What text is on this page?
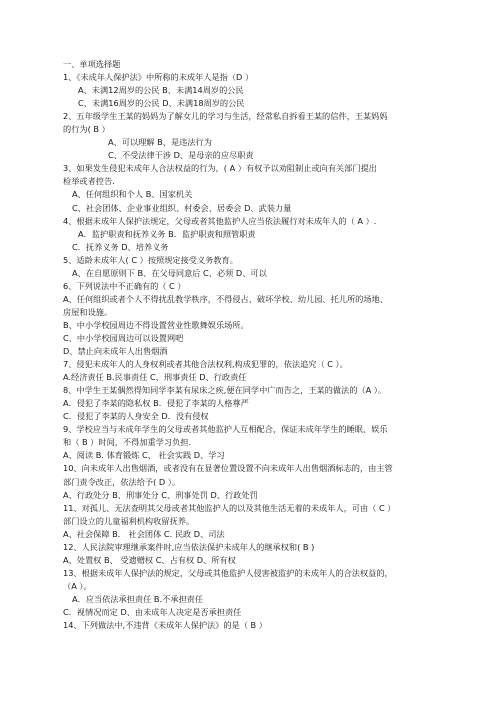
一、单项选择题
1、《未成年人保护法》中所称的未成年人是指（D ）
A、未满12周岁的公民 B、未满14周岁的公民
C、未满16周岁的公民 D、未满18周岁的公民
2、五年级学生王某的妈妈为了解女儿的学习与生活，经常私自拆看王某的信件，王某妈妈
的行为( B ）
A、可以理解 B、是违法行为
C、不受法律干涉 D、是母亲的应尽职责
3、如果发生侵犯未成年人合法权益的行为，( A ）有权予以劝阻制止或向有关部门提出
检举或者控告.
A、任何组织和个人 B、国家机关
C、社会团体、企业事业组织、村委会、居委会 D、武装力量
4、根据未成年人保护法规定，父母或者其他监护人应当依法履行对未成年人的（ A ）.
A．监护职责和抚养义务 B．监护职责和照管职责
C．抚养义务 D、培养义务
5、适龄未成年人( C ）按照规定接受义务教育。
A、在自愿原则下 B、在父母同意后 C、必须 D、可以
6、下列说法中不正确有的（ C ）
A、任何组织或者个人不得扰乱教学秩序，不得侵占、破坏学校、幼儿园、托儿所的场地、
房屋和设施。
B、中小学校园周边不得设置营业性歌舞娱乐场所。
C、中小学校园周边可以设置网吧
D、禁止向未成年人出售烟酒
7、侵犯未成年人的人身权利或者其他合法权利,构成犯罪的，依法追究（ C ）。
A.经济责任 B.民事责任 C、刑事责任 D、行政责任
8、中学生王某偶然得知同学李某有尿床之疾,便在同学中广而告之，王某的做法的（A ）。
A．侵犯了李某的隐私权 B．侵犯了李某的人格尊严
C．侵犯了李某的人身安全 D．没有侵权
9、学校应当与未成年学生的父母或者其他监护人互相配合，保证未成年学生的睡眠、娱乐
和（ B ）时间，不得加重学习负担.
A、阅读 B. 体育锻炼 C、 社会实践 D、学习
10、向未成年人出售烟酒，或者没有在显著位置设置不向未成年人出售烟酒标志的，由主管
部门责令改正，依法给予( D ）。
A、行政处分 B、刑事处分 C、刑事处罚 D、行政处罚
11、对孤儿、无法查明其父母或者其他监护人的以及其他生活无着的未成年人，可由（ C ）
部门设立的儿童福利机构收留抚养。
A、社会保障 B． 社会团体 C. 民政 D、司法
12、人民法院审理继承案件时,应当依法保护未成年人的继承权和( B )
A、处置权 B、 受遗赠权 C、占有权 D、所有权
13、根据未成年人保护法的规定，父母或其他监护人侵害被监护的未成年人的合法权益的，
（A ）。
A．应当依法承担责任 B.不承担责任
C．视情况而定 D、由未成年人决定是否承担责任
14、下列做法中,不违背《未成年人保护法》的是（ B ）
